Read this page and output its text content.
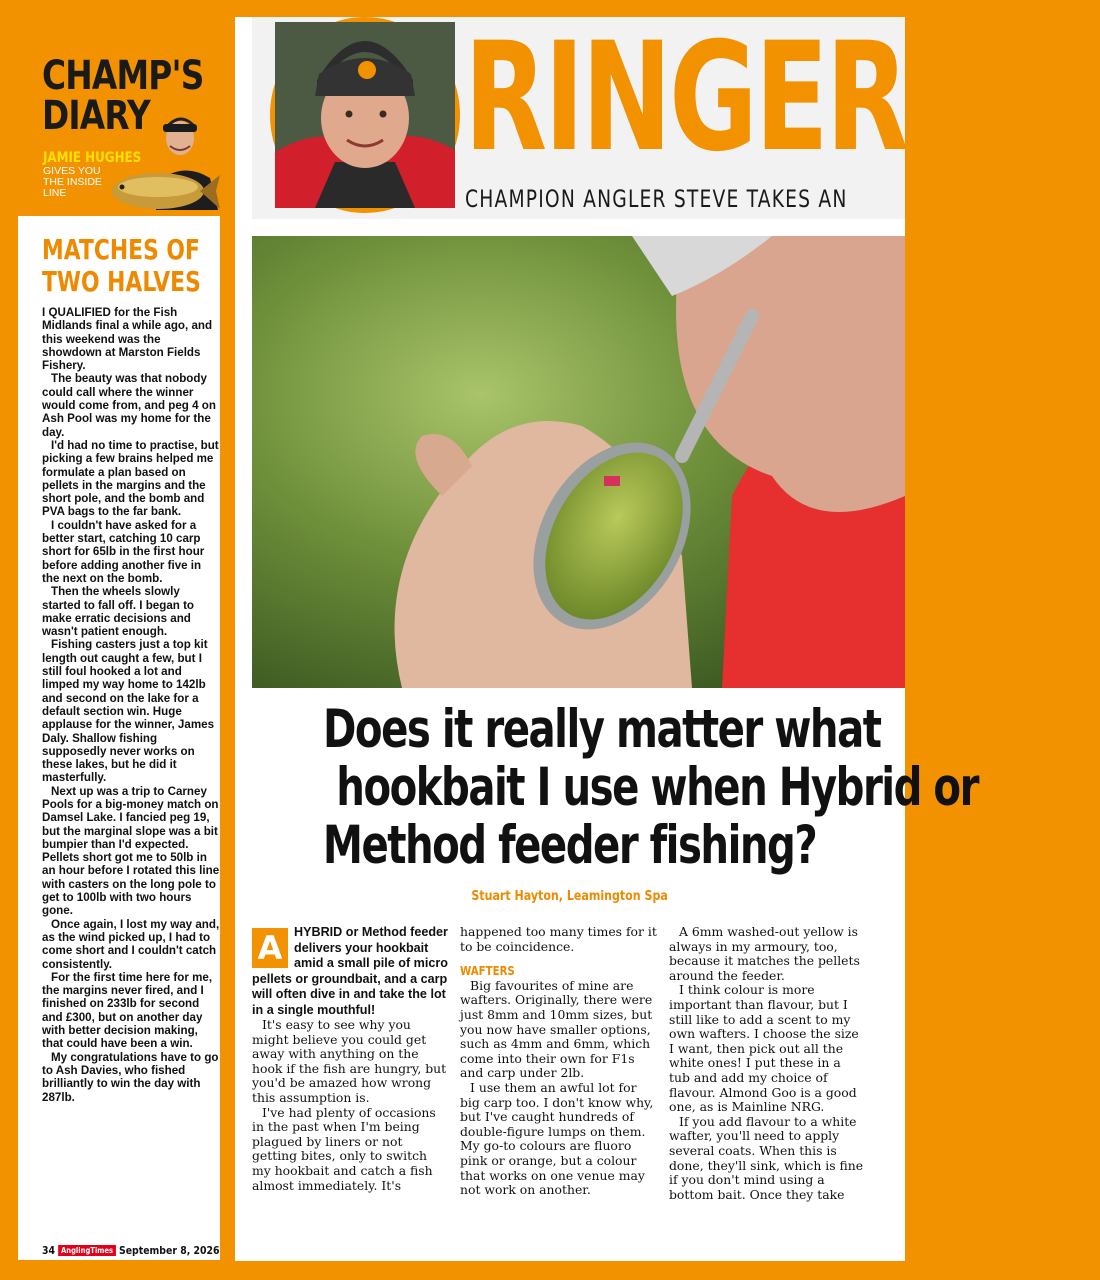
CHAMP'S
DIARY
JAMIE HUGHES
GIVES YOU THE INSIDE LINE
MATCHES OF
TWO HALVES

I QUALIFIED for the Fish Midlands final a while ago, and this weekend was the showdown at Marston Fields Fishery.

The beauty was that nobody could call where the winner would come from, and peg 4 on Ash Pool was my home for the day.

I'd had no time to practise, but picking a few brains helped me formulate a plan based on pellets in the margins and the short pole, and the bomb and PVA bags to the far bank.

I couldn't have asked for a better start, catching 10 carp short for 65lb in the first hour before adding another five in the next on the bomb.

Then the wheels slowly started to fall off. I began to make erratic decisions and wasn't patient enough.

Fishing casters just a top kit length out caught a few, but I still foul hooked a lot and limped my way home to 142lb and second on the lake for a default section win. Huge applause for the winner, James Daly. Shallow fishing supposedly never works on these lakes, but he did it masterfully.

Next up was a trip to Carney Pools for a big-money match on Damsel Lake. I fancied peg 19, but the marginal slope was a bit bumpier than I'd expected. Pellets short got me to 50lb in an hour before I rotated this line with casters on the long pole to get to 100lb with two hours gone.

Once again, I lost my way and, as the wind picked up, I had to come short and I couldn't catch consistently.

For the first time here for me, the margins never fired, and I finished on 233lb for second and £300, but on another day with better decision making, that could have been a win.

My congratulations have to go to Ash Davies, who fished brilliantly to win the day with 287lb.

34 AnglingTimes September 8, 2026
RINGER TO
CHAMPION ANGLER STEVE TAKES AN
Does it really matter what
hookbait I use when Hybrid or
Method feeder fishing?
Stuart Hayton, Leamington Spa
A HYBRID or Method feeder delivers your hookbait amid a small pile of micro pellets or groundbait, and a carp will often dive in and take the lot in a single mouthful!

It's easy to see why you might believe you could get away with anything on the hook if the fish are hungry, but you'd be amazed how wrong this assumption is.

I've had plenty of occasions in the past when I'm being plagued by liners or not getting bites, only to switch my hookbait and catch a fish almost immediately. It's

happened too many times for it to be coincidence.

WAFTERS

Big favourites of mine are wafters. Originally, there were just 8mm and 10mm sizes, but you now have smaller options, such as 4mm and 6mm, which come into their own for F1s and carp under 2lb.

I use them an awful lot for big carp too. I don't know why, but I've caught hundreds of double-figure lumps on them. My go-to colours are fluoro pink or orange, but a colour that works on one venue may not work on another.

A 6mm washed-out yellow is always in my armoury, too, because it matches the pellets around the feeder.

I think colour is more important than flavour, but I still like to add a scent to my own wafters. I choose the size I want, then pick out all the white ones! I put these in a tub and add my choice of flavour. Almond Goo is a good one, as is Mainline NRG.

If you add flavour to a white wafter, you'll need to apply several coats. When this is done, they'll sink, which is fine if you don't mind using a bottom bait. Once they take
